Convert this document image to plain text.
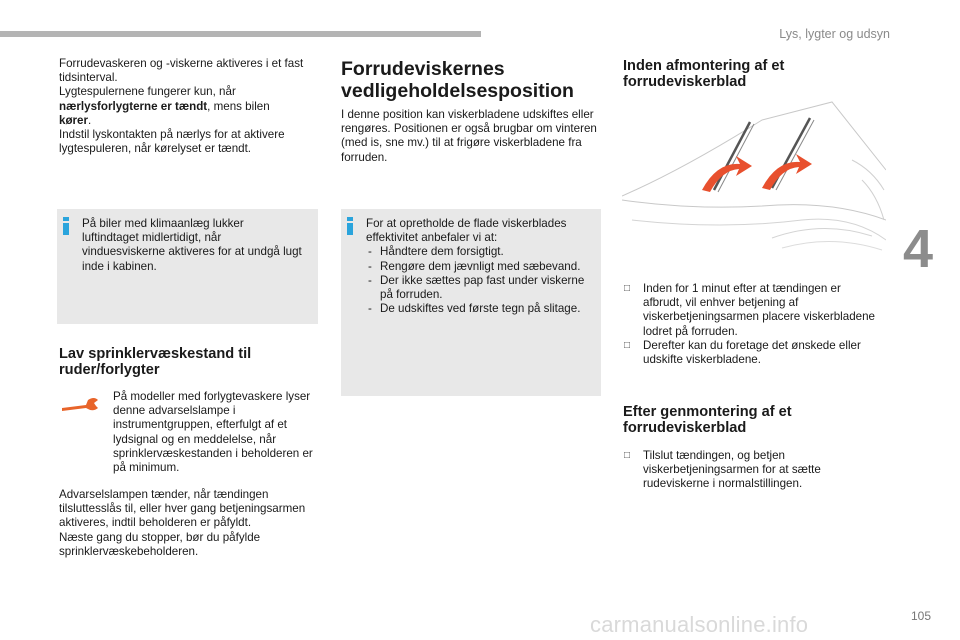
Lys, lygter og udsyn
4

Forrudevaskeren og -viskerne aktiveres i et fast tidsinterval.

Lygtespulernene fungerer kun, når
nærlysforlygterne er tændt, mens bilen
kører.

Indstil lyskontakten på nærlys for at aktivere lygtespuleren, når kørelyset er tændt.

På biler med klimaanlæg lukker luftindtaget midlertidigt, når vinduesviskerne aktiveres for at undgå lugt inde i kabinen.

Lav sprinklervæskestand til ruder/forlygter

På modeller med forlygtevaskere lyser denne advarselslampe i instrumentgruppen, efterfulgt af et lydsignal og en meddelelse, når sprinklervæskestanden i beholderen er på minimum.

Advarselslampen tænder, når tændingen tilsluttesslås til, eller hver gang betjeningsarmen aktiveres, indtil beholderen er påfyldt.

Næste gang du stopper, bør du påfylde sprinklervæskebeholderen.

Forrudeviskernes vedligeholdelsesposition

I denne position kan viskerbladene udskiftes eller rengøres. Positionen er også brugbar om vinteren (med is, sne mv.) til at frigøre viskerbladene fra forruden.

For at opretholde de flade viskerblades effektivitet anbefaler vi at:

- Håndtere dem forsigtigt.
- Rengøre dem jævnligt med sæbevand.
- Der ikke sættes pap fast under viskerne på forruden.
- De udskiftes ved første tegn på slitage.

Inden afmontering af et forrudeviskerblad

□ Inden for 1 minut efter at tændingen er afbrudt, vil enhver betjening af viskerbetjeningsarmen placere viskerbladene lodret på forruden.
□ Derefter kan du foretage det ønskede eller udskifte viskerbladene.

Efter genmontering af et forrudeviskerblad

□ Tilslut tændingen, og betjen viskerbetjeningsarmen for at sætte rudeviskerne i normalstillingen.
carmanualsonline.info	105
